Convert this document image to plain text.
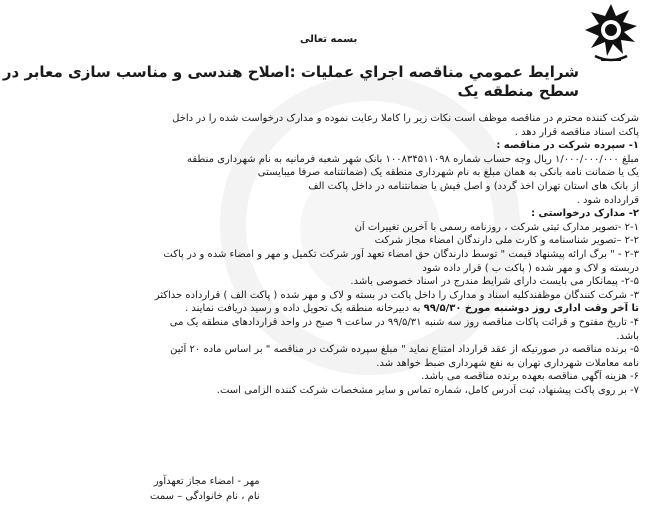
بسمه تعالی
شرايط عمومي مناقصه اجراي عمليات :اصلاح هندسی و مناسب سازی معابر در
سطح منطقه یک
شرکت کننده محترم در مناقصه موظف است نکات زیر را کاملا رعایت نموده و مدارک درخواست شده را در داخل
پاکت اسناد مناقصه قرار دهد .
۱- سپرده شرکت در مناقصه :
مبلغ ۱/۰۰۰/۰۰۰/۰۰۰ ریال وجه حساب شماره ۱۰۰۸۳۴۵۱۱۰۹۸ بانک شهر شعبه فرمانیه به نام شهرداری منطقه
یک یا ضمانت نامه بانکی به همان مبلغ به نام شهرداری منطقه یک (ضمانتنامه صرفا میبایستی
از بانک های استان تهران اخذ گردد) و اصل فیش یا ضمانتنامه در داخل پاکت الف
قرارداده شود .
۲- مدارک درخواستی :
۲-۱ -تصویر مدارک ثبتی شرکت ، روزنامه رسمی با آخرین تغییرات آن
۲-۲ –تصویر شناسنامه و کارت ملی دارندگان امضاء مجاز شرکت
۲-۳ - " برگ ارائه پیشنهاد قیمت " توسط دارندگان حق امضاء تعهد آور شرکت تکمیل و مهر و امضاء شده و در پاکت
دربسته و لاک و مهر شده ( پاکت ب ) قرار داده شود
۲-۵- پیمانکار می بایست دارای شرایط مندرج در اسناد خصوصی باشد.
۳- شرکت کنندگان موظفندکلیه اسناد و مدارک را داخل پاکت در بسته و لاک و مهر شده ( پاکت الف ) قرارداده حداکثر
تا آخر وقت اداری روز دوشنبه مورخ ۹۹/۵/۳۰ به دبیرخانه منطقه یک تحویل داده و رسید دریافت نمایند .
۴- تاریخ مفتوح و قرائت پاکات مناقصه روز سه شنبه ۹۹/۵/۳۱ در ساعت ۹ صبح در واحد قراردادهای منطقه یک می
باشد.
۵- برنده مناقصه در صورتیکه از عقد قرارداد امتناع نماید " مبلغ سپرده شرکت در مناقصه " بر اساس ماده ۲۰ آئین
نامه معاملات شهرداری تهران به نفع شهرداری ضبط خواهد شد.
۶- هزینه آگهی مناقصه بعهده برنده مناقصه می باشد.
۷- بر روی پاکت پیشنهاد، ثبت آدرس کامل، شماره تماس و سایر مشخصات شرکت کننده الزامی است.
مهر - امضاء مجاز تعهدآور
نام ، نام خانوادگی – سمت
